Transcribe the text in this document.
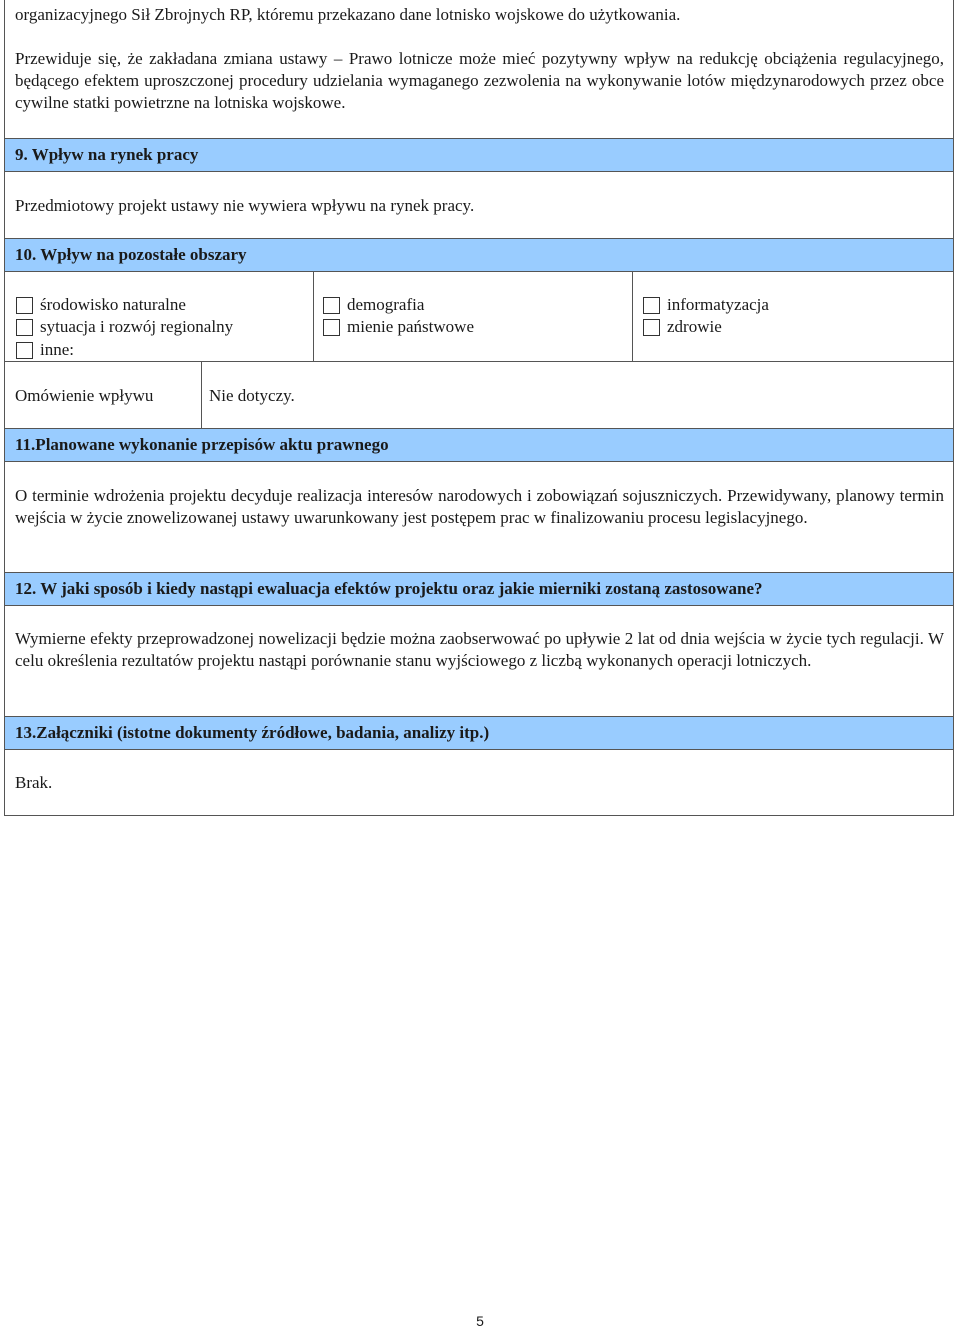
organizacyjnego Sił Zbrojnych RP, któremu przekazano dane lotnisko wojskowe do użytkowania.
Przewiduje się, że zakładana zmiana ustawy – Prawo lotnicze może mieć pozytywny wpływ na redukcję obciążenia regulacyjnego, będącego efektem uproszczonej procedury udzielania wymaganego zezwolenia na wykonywanie lotów międzynarodowych przez obce cywilne statki powietrzne na lotniska wojskowe.
9. Wpływ na rynek pracy
Przedmiotowy projekt ustawy nie wywiera wpływu na rynek pracy.
10. Wpływ na pozostałe obszary
środowisko naturalne
sytuacja i rozwój regionalny
inne:
demografia
mienie państwowe
informatyzacja
zdrowie
Omówienie wpływu	Nie dotyczy.
11.Planowane wykonanie przepisów aktu prawnego
O terminie wdrożenia projektu decyduje realizacja interesów narodowych i zobowiązań sojuszniczych. Przewidywany, planowy termin wejścia w życie znowelizowanej ustawy uwarunkowany jest postępem prac w finalizowaniu procesu legislacyjnego.
12. W jaki sposób i kiedy nastąpi ewaluacja efektów projektu oraz jakie mierniki zostaną zastosowane?
Wymierne efekty przeprowadzonej nowelizacji będzie można zaobserwować po upływie 2 lat od dnia wejścia w życie tych regulacji. W celu określenia rezultatów projektu nastąpi porównanie stanu wyjściowego z liczbą wykonanych operacji lotniczych.
13.Załączniki (istotne dokumenty źródłowe, badania, analizy itp.)
Brak.
5
